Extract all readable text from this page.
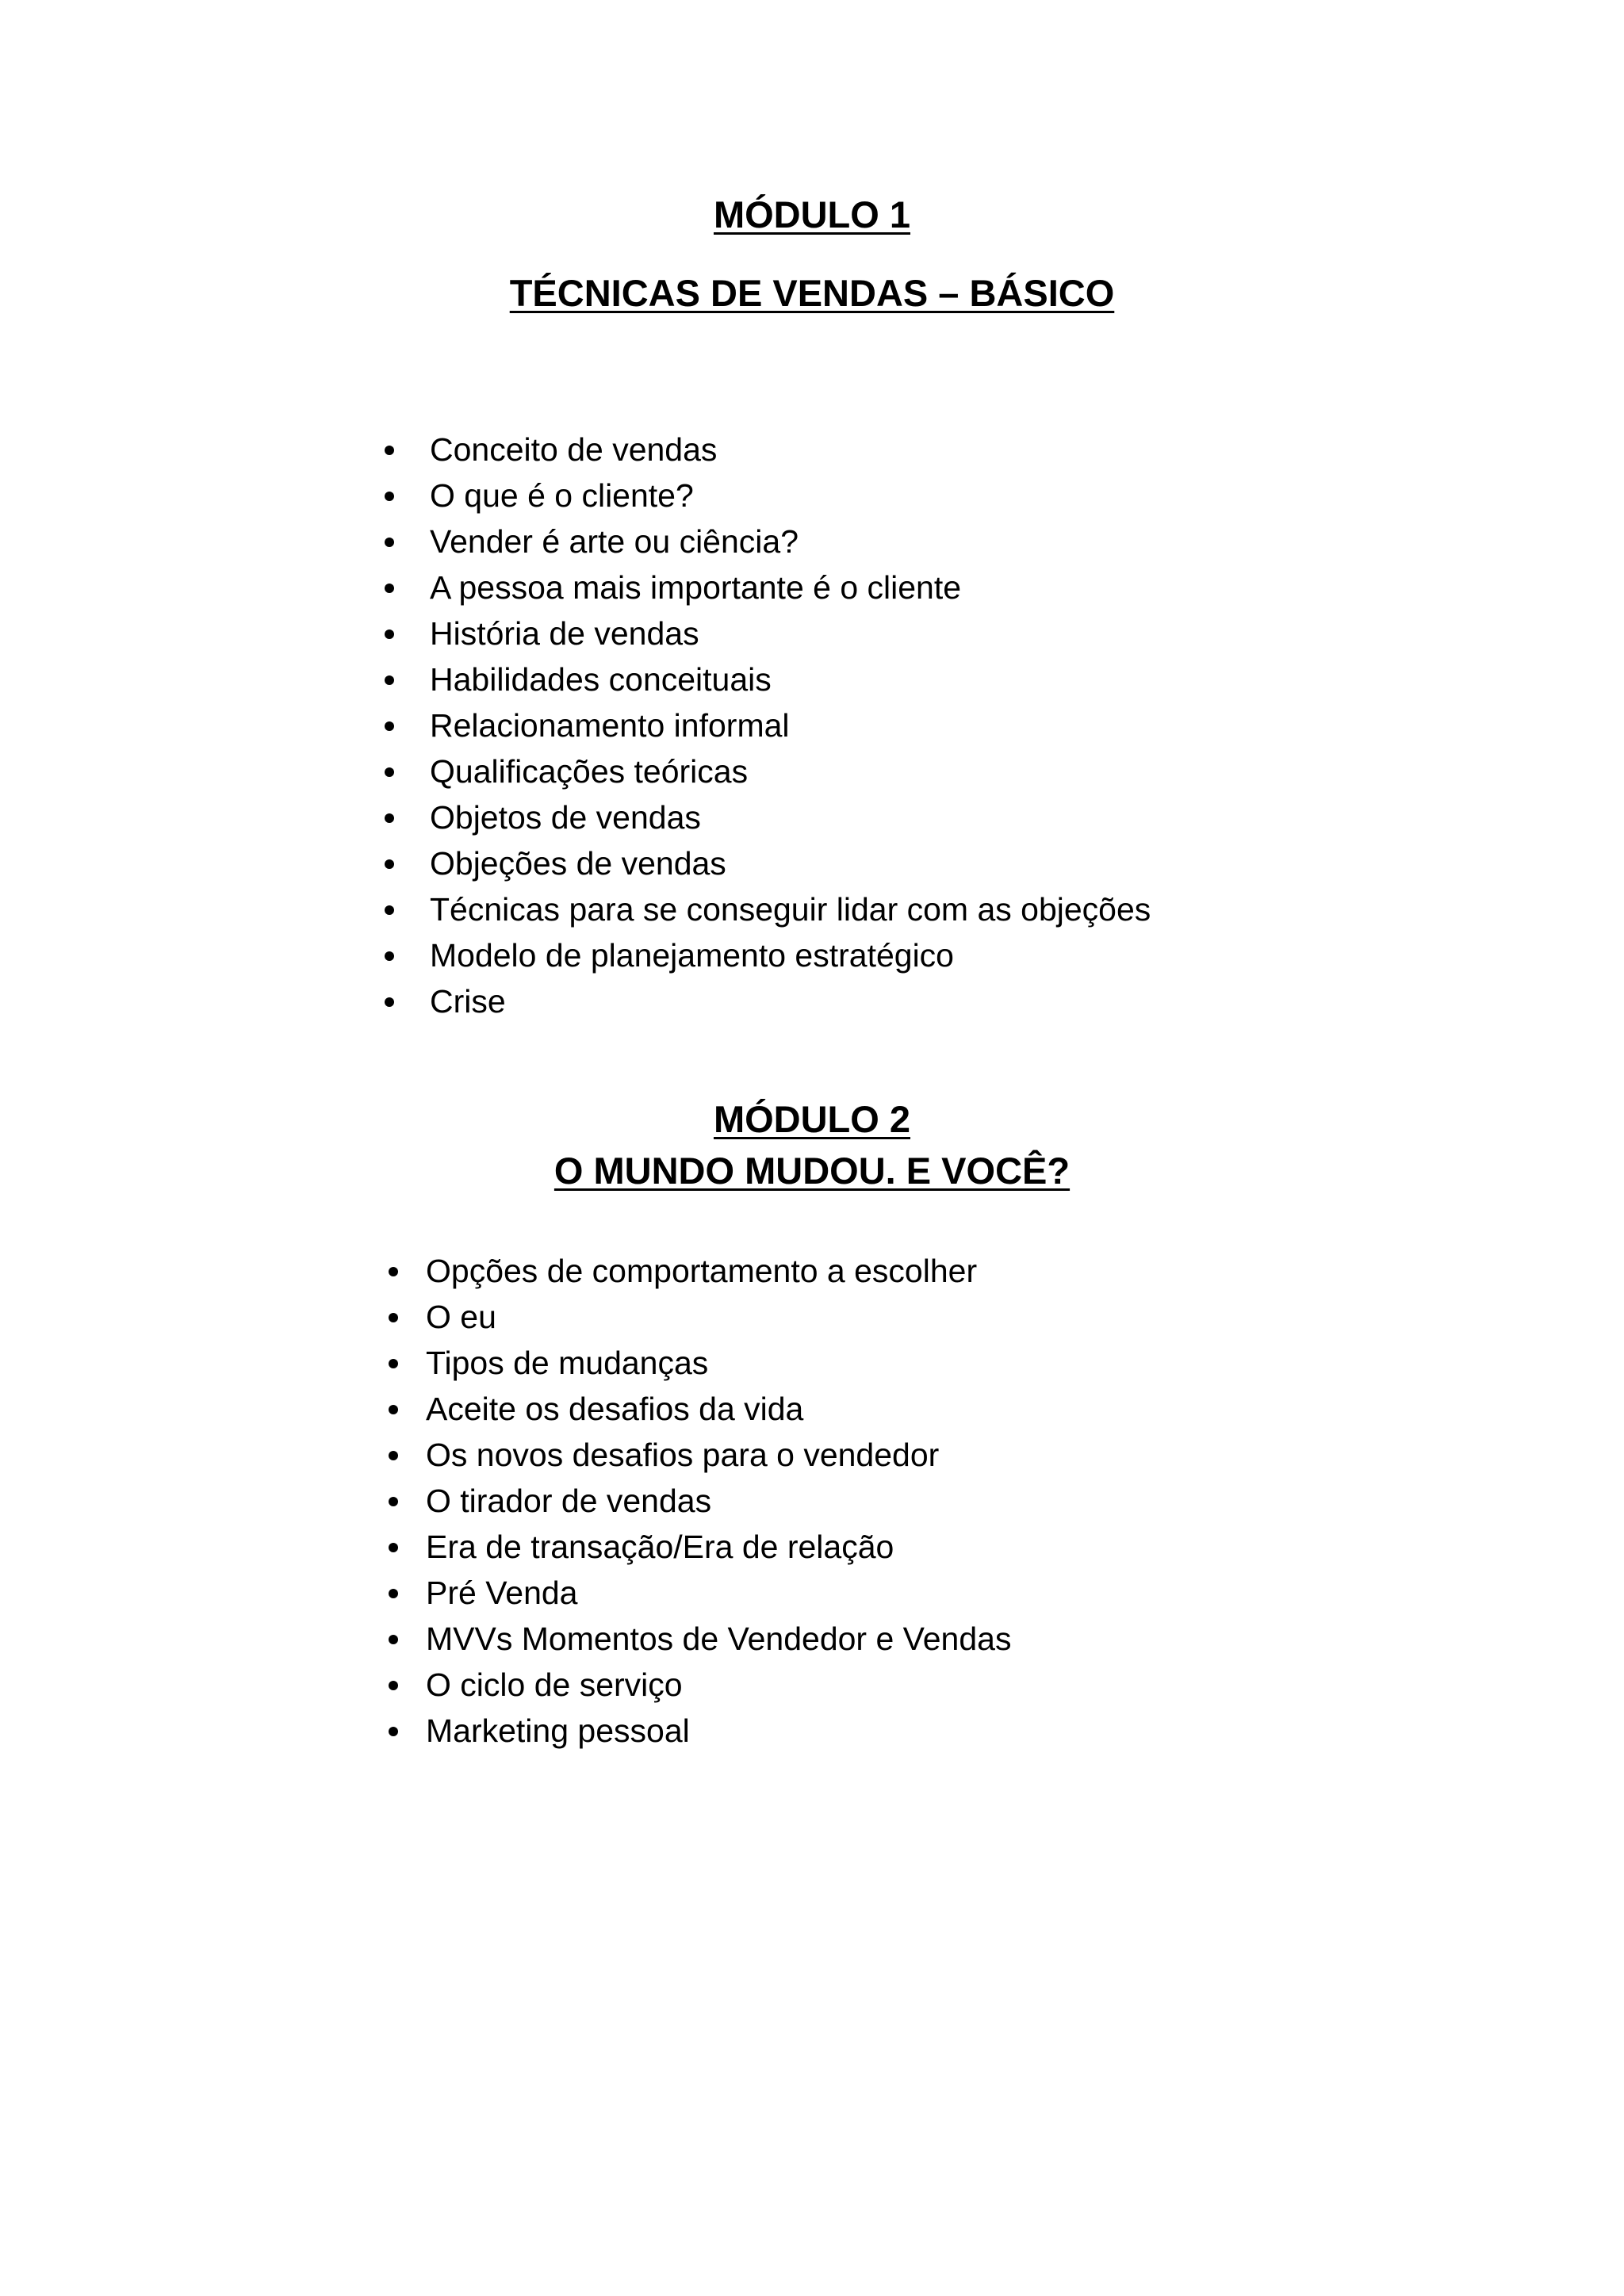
MÓDULO 1
TÉCNICAS DE VENDAS – BÁSICO
Conceito de vendas
O que é o cliente?
Vender é arte ou ciência?
A pessoa mais importante é o cliente
História de vendas
Habilidades conceituais
Relacionamento informal
Qualificações teóricas
Objetos de vendas
Objeções de vendas
Técnicas para se conseguir lidar com as objeções
Modelo de planejamento estratégico
Crise
MÓDULO 2
O MUNDO MUDOU. E VOCÊ?
Opções de comportamento a escolher
O eu
Tipos de mudanças
Aceite os desafios da vida
Os novos desafios para o vendedor
O tirador de vendas
Era de transação/Era de relação
Pré Venda
MVVs Momentos de Vendedor e Vendas
O ciclo de serviço
Marketing pessoal
